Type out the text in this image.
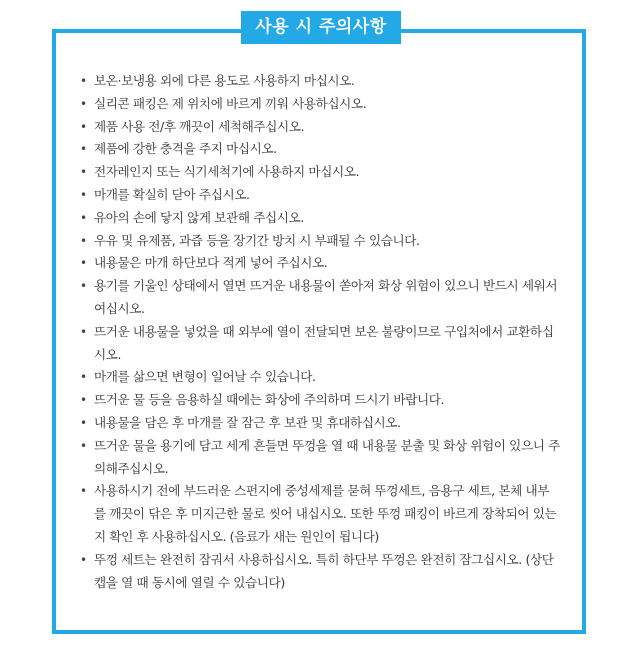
사용 시 주의사항
• 보온·보냉용 외에 다른 용도로 사용하지 마십시오.
• 실리콘 패킹은 제 위치에 바르게 끼워 사용하십시오.
• 제품 사용 전/후 깨끗이 세척해주십시오.
• 제품에 강한 충격을 주지 마십시오.
• 전자레인지 또는 식기세척기에 사용하지 마십시오.
• 마개를 확실히 닫아 주십시오.
• 유아의 손에 닿지 않게 보관해 주십시오.
• 우유 및 유제품, 과즙 등을 장기간 방치 시 부패될 수 있습니다.
• 내용물은 마개 하단보다 적게 넣어 주십시오.
• 용기를 기울인 상태에서 열면 뜨거운 내용물이 쏟아져 화상 위험이 있으니 반드시 세워서 여십시오.
• 뜨거운 내용물을 넣었을 때 외부에 열이 전달되면 보온 불량이므로 구입처에서 교환하십시오.
• 마개를 삶으면 변형이 일어날 수 있습니다.
• 뜨거운 물 등을 음용하실 때에는 화상에 주의하며 드시기 바랍니다.
• 내용물을 담은 후 마개를 잘 잠근 후 보관 및 휴대하십시오.
• 뜨거운 물을 용기에 담고 세게 흔들면 뚜껑을 열 때 내용물 분출 및 화상 위험이 있으니 주의해주십시오.
• 사용하시기 전에 부드러운 스펀지에 중성세제를 묻혀 뚜껑세트, 음용구 세트, 본체 내부를 깨끗이 닦은 후 미지근한 물로 씻어 내십시오. 또한 뚜껑 패킹이 바르게 장착되어 있는지 확인 후 사용하십시오. (음료가 새는 원인이 됩니다)
• 뚜껑 세트는 완전히 잠궈서 사용하십시오. 특히 하단부 뚜껑은 완전히 잠그십시오. (상단 캡을 열 때 동시에 열릴 수 있습니다)
